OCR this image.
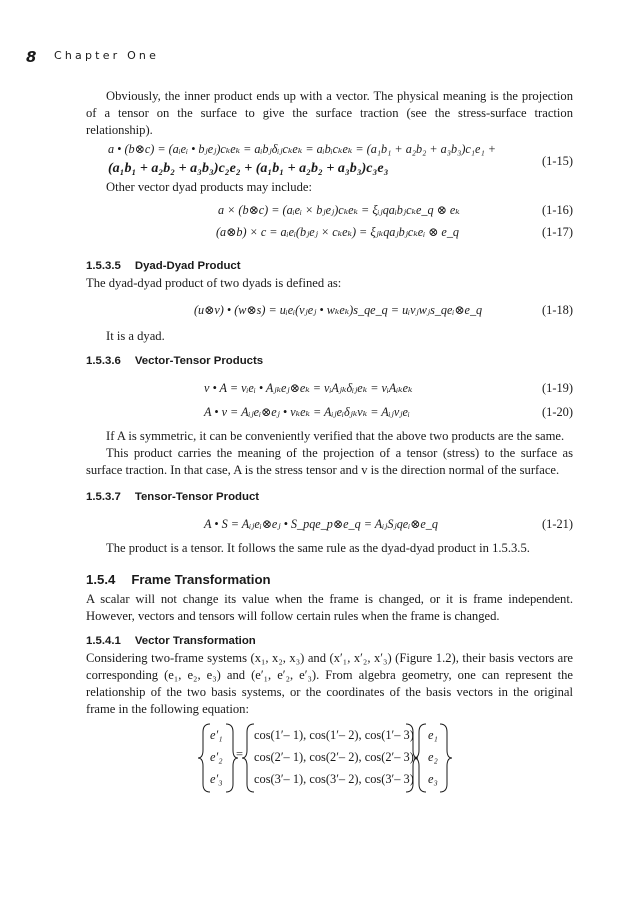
8 Chapter One

Obviously, the inner product ends up with a vector. The physical meaning is the projection of a tensor on the surface to give the surface traction (see the stress-surface traction relationship).

a • (b⊗c) = (aᵢeᵢ • bⱼeⱼ)cₖeₖ = aᵢbⱼδᵢⱼcₖeₖ = aᵢbᵢcₖeₖ = (a₁b₁ + a₂b₂ + a₃b₃)c₁e₁ +
(a₁b₁ + a₂b₂ + a₃b₃)c₂e₂ + (a₁b₁ + a₂b₂ + a₃b₃)c₃e₃	(1-15)

Other vector dyad products may include:

a × (b⊗c) = (aᵢeᵢ × bⱼeⱼ)cₖeₖ = ξᵢⱼqaᵢbⱼcₖe_q ⊗ eₖ	(1-16)
(a⊗b) × c = aᵢeᵢ(bⱼeⱼ × cₖeₖ) = ξⱼₖqaⱼbⱼcₖeᵢ ⊗ e_q	(1-17)
1.5.3.5 Dyad-Dyad Product

The dyad-dyad product of two dyads is defined as:

(u⊗v) • (w⊗s) = uᵢeᵢ(vⱼeⱼ • wₖeₖ)s_qe_q = uᵢvⱼwⱼs_qeᵢ⊗e_q	(1-18)

It is a dyad.

1.5.3.6 Vector-Tensor Products
v • A = vᵢeᵢ • Aⱼₖeⱼ⊗eₖ = vᵢAⱼₖδᵢⱼeₖ = vᵢAᵢₖeₖ	(1-19)
A • v = Aᵢⱼeᵢ⊗eⱼ • vₖeₖ = Aᵢⱼeᵢδⱼₖvₖ = Aᵢⱼvⱼeᵢ	(1-20)

If A is symmetric, it can be conveniently verified that the above two products are the same.

This product carries the meaning of the projection of a tensor (stress) to the surface as surface traction. In that case, A is the stress tensor and v is the direction normal of the surface.

1.5.3.7 Tensor-Tensor Product
A • S = Aᵢⱼeᵢ⊗eⱼ • S_pqe_p⊗e_q = AᵢⱼSⱼqeᵢ⊗e_q	(1-21)

The product is a tensor. It follows the same rule as the dyad-dyad product in 1.5.3.5.

1.5.4 Frame Transformation

A scalar will not change its value when the frame is changed, or it is frame independent. However, vectors and tensors will follow certain rules when the frame is changed.

1.5.4.1 Vector Transformation

Considering two-frame systems (x₁, x₂, x₃) and (x′₁, x′₂, x′₃) (Figure 1.2), their basis vectors are corresponding (e₁, e₂, e₃) and (e′₁, e′₂, e′₃). From algebra geometry, one can represent the relationship of the two basis systems, or the coordinates of the basis vectors in the original frame in the following equation:

e′₁
e′₂
e′₃
=
cos(1′– 1), cos(1′– 2), cos(1′– 3)
cos(2′– 1), cos(2′– 2), cos(2′– 3)
cos(3′– 1), cos(3′– 2), cos(3′– 3)
e₁
e₂
e₃
